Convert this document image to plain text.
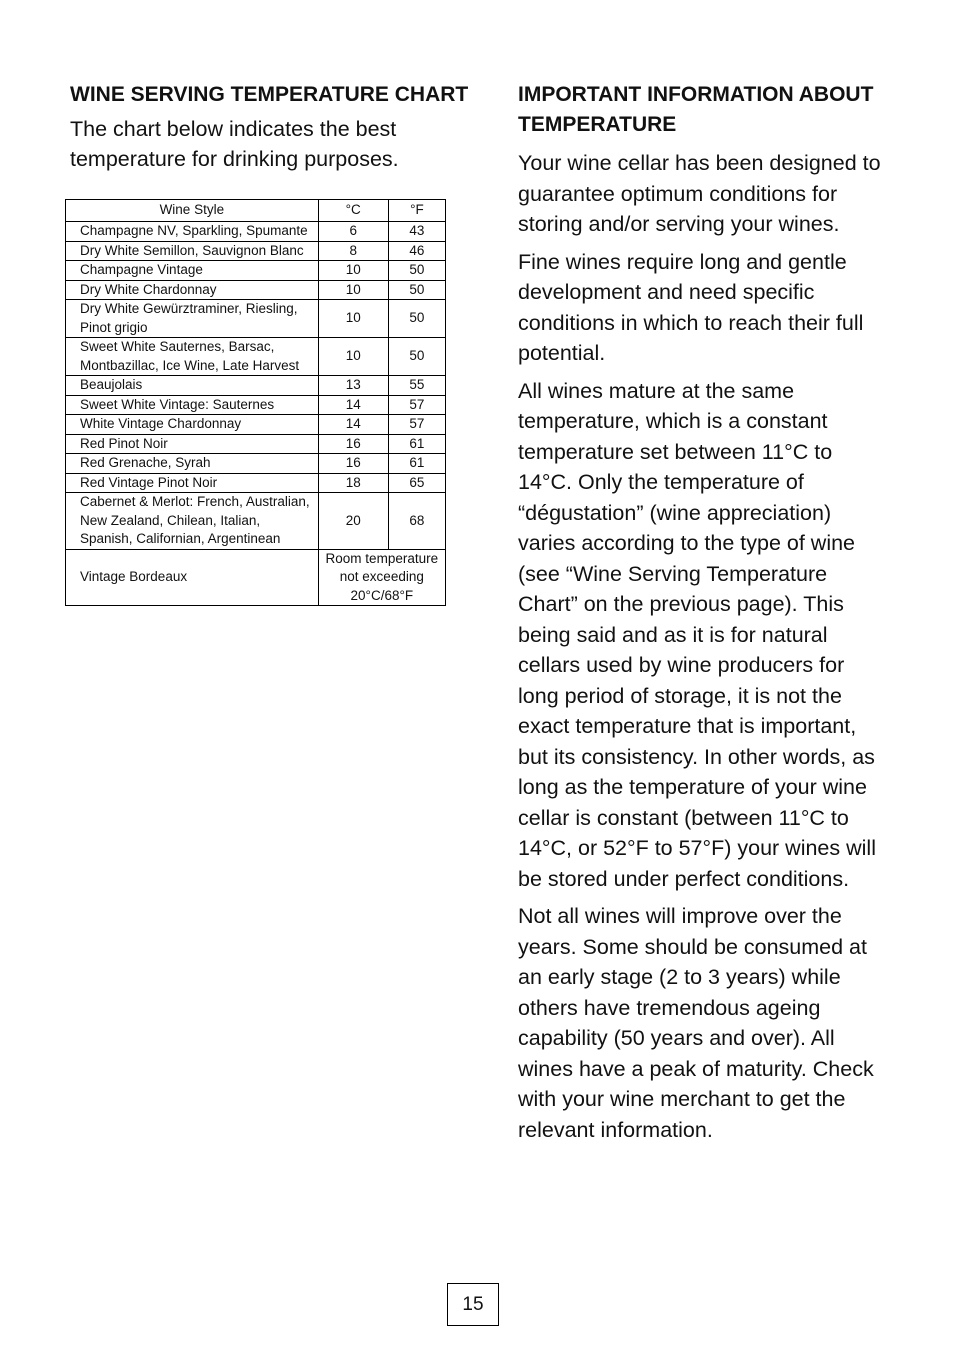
WINE SERVING TEMPERATURE CHART

The chart below indicates the best temperature for drinking purposes.

Wine Style	°C	°F
Champagne NV, Sparkling, Spumante	6	43
Dry White Semillon, Sauvignon Blanc	8	46
Champagne Vintage	10	50
Dry White Chardonnay	10	50
Dry White Gewürztraminer, Riesling, Pinot grigio	10	50
Sweet White Sauternes, Barsac, Montbazillac, Ice Wine, Late Harvest	10	50
Beaujolais	13	55
Sweet White Vintage: Sauternes	14	57
White Vintage Chardonnay	14	57
Red Pinot Noir	16	61
Red Grenache, Syrah	16	61
Red Vintage Pinot Noir	18	65
Cabernet & Merlot: French, Australian, New Zealand, Chilean, Italian, Spanish, Californian, Argentinean	20	68
Vintage Bordeaux	Room temperature not exceeding 20°C/68°F	
IMPORTANT INFORMATION ABOUT TEMPERATURE

Your wine cellar has been designed to guarantee optimum conditions for storing and/or serving your wines.

Fine wines require long and gentle development and need specific conditions in which to reach their full potential.

All wines mature at the same temperature, which is a constant temperature set between 11°C to 14°C. Only the temperature of “dégustation” (wine appreciation) varies according to the type of wine (see “Wine Serving Temperature Chart” on the previous page). This being said and as it is for natural cellars used by wine producers for long period of storage, it is not the exact temperature that is important, but its consistency. In other words, as long as the temperature of your wine cellar is constant (between 11°C to 14°C, or 52°F to 57°F) your wines will be stored under perfect conditions.

Not all wines will improve over the years. Some should be consumed at an early stage (2 to 3 years) while others have tremendous ageing capability (50 years and over). All wines have a peak of maturity. Check with your wine merchant to get the relevant information.

15
